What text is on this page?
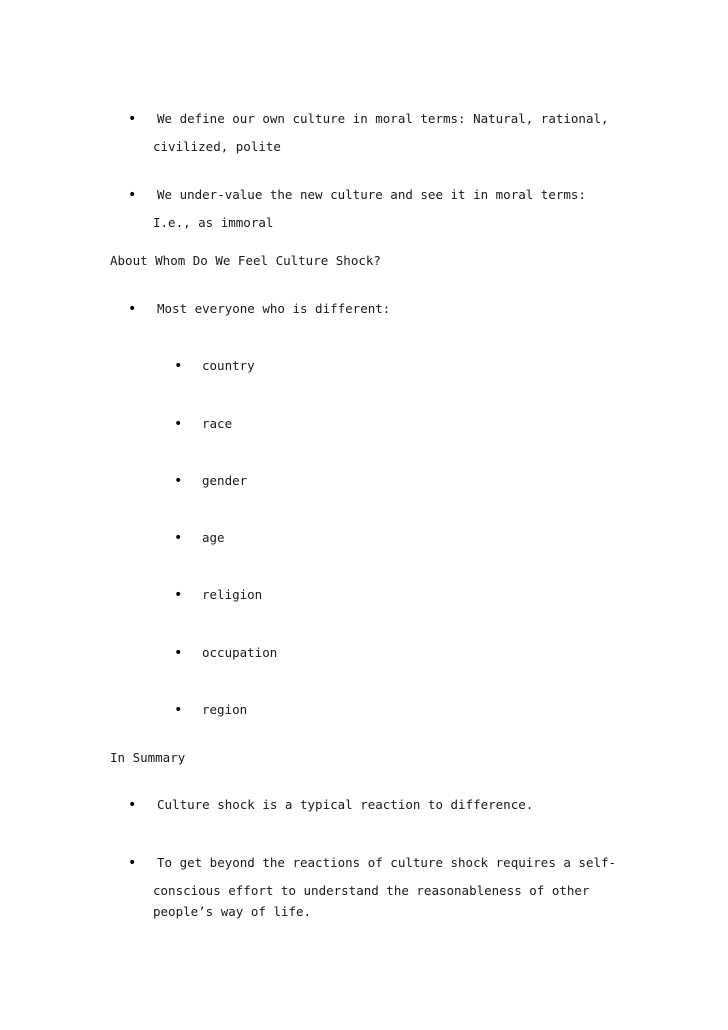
• We define our own culture in moral terms: Natural, rational,
civilized, polite
• We under-value the new culture and see it in moral terms:
I.e., as immoral
About Whom Do We Feel Culture Shock?
• Most everyone who is different:
• country
• race
• gender
• age
• religion
• occupation
• region
In Summary
• Culture shock is a typical reaction to difference.
• To get beyond the reactions of culture shock requires a self-
conscious effort to understand the reasonableness of other
people’s way of life.
